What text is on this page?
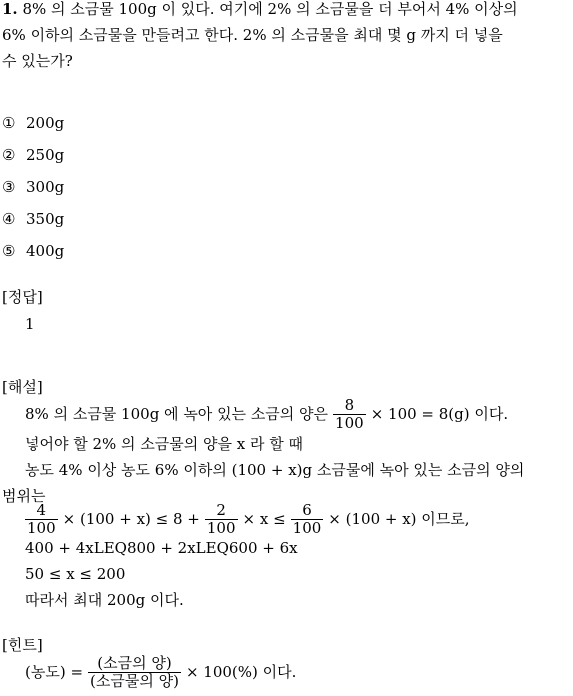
1. 8% 의 소금물 100g 이 있다. 여기에 2% 의 소금물을 더 부어서 4% 이상의
6% 이하의 소금물을 만들려고 한다. 2% 의 소금물을 최대 몇 g 까지 더 넣을
수 있는가?
① 200g
② 250g
③ 300g
④ 350g
⑤ 400g
[정답]
1
[해설]
8% 의 소금물 100g 에 녹아 있는 소금의 양은 $\frac{8}{100} \times 100 = 8(g)$ 이다.
넣어야 할 2% 의 소금물의 양을 x 라 할 때
농도 4% 이상 농도 6% 이하의 (100 + x)g 소금물에 녹아 있는 소금의 양의
범위는
$\frac{4}{100} \times (100 + x) \le 8 + \frac{2}{100} \times x \le \frac{6}{100} \times (100 + x)$ 이므로,
400 + 4xLEQ800 + 2xLEQ600 + 6x
50 ≤ x ≤ 200
따라서 최대 200g 이다.
[힌트]
(농도) = $\frac{\text{(소금의 양)}}{\text{(소금물의 양)}} \times 100(\%)$ 이다.
